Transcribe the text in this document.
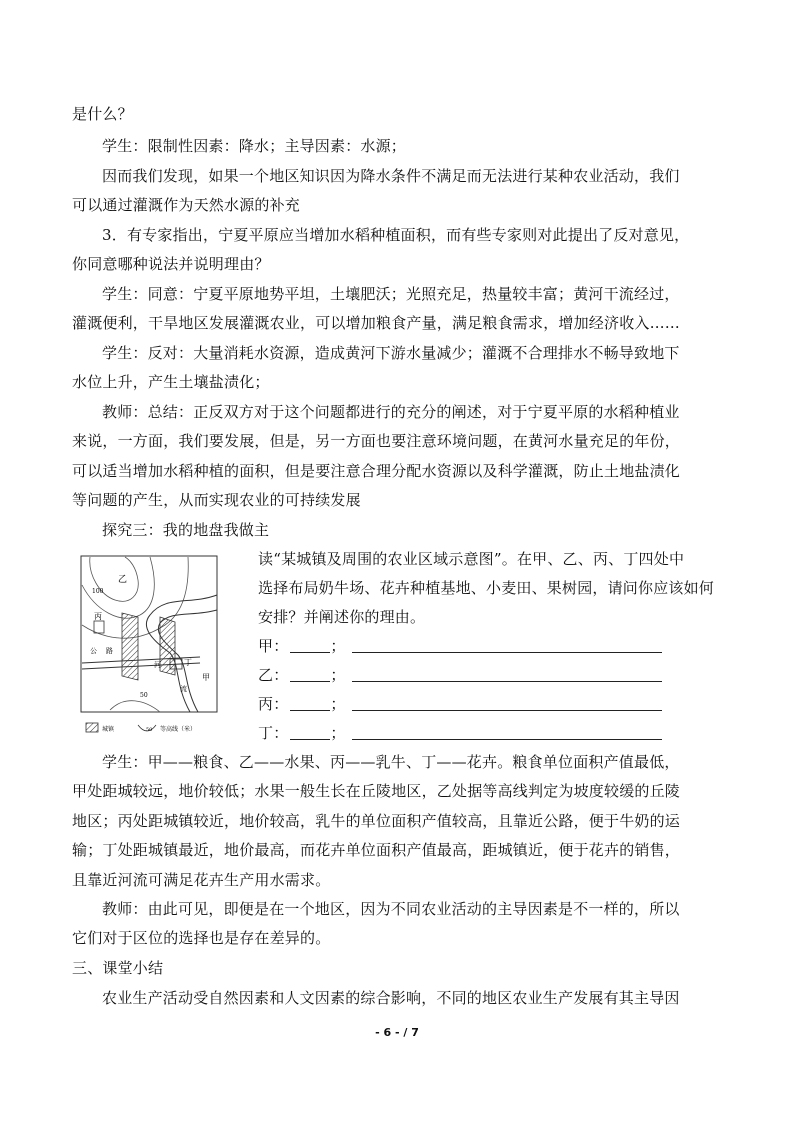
是什么？
学生：限制性因素：降水；主导因素：水源；
因而我们发现，如果一个地区知识因为降水条件不满足而无法进行某种农业活动，我们
可以通过灌溉作为天然水源的补充
3．有专家指出，宁夏平原应当增加水稻种植面积，而有些专家则对此提出了反对意见，
你同意哪种说法并说明理由？
学生：同意：宁夏平原地势平坦，土壤肥沃；光照充足，热量较丰富；黄河干流经过，
灌溉便利，干旱地区发展灌溉农业，可以增加粮食产量，满足粮食需求，增加经济收入……
学生：反对：大量消耗水资源，造成黄河下游水量减少；灌溉不合理排水不畅导致地下
水位上升，产生土壤盐渍化；
教师：总结：正反双方对于这个问题都进行的充分的阐述，对于宁夏平原的水稻种植业
来说，一方面，我们要发展，但是，另一方面也要注意环境问题，在黄河水量充足的年份，
可以适当增加水稻种植的面积，但是要注意合理分配水资源以及科学灌溉，防止土地盐渍化
等问题的产生，从而实现农业的可持续发展
探究三：我的地盘我做主
乙
100
丙
公 路
河
流
丁
甲
50
城镇	50 等高线（米）
读“某城镇及周围的农业区域示意图”。在甲、乙、丙、丁四处中
选择布局奶牛场、花卉种植基地、小麦田、果树园，请问你应该如何
安排？并阐述你的理由。
甲：	；
乙：	；
丙：	；
丁：	；
学生：甲——粮食、乙——水果、丙——乳牛、丁——花卉。粮食单位面积产值最低，
甲处距城较远，地价较低；水果一般生长在丘陵地区，乙处据等高线判定为坡度较缓的丘陵
地区；丙处距城镇较近，地价较高，乳牛的单位面积产值较高，且靠近公路，便于牛奶的运
输；丁处距城镇最近，地价最高，而花卉单位面积产值最高，距城镇近，便于花卉的销售，
且靠近河流可满足花卉生产用水需求。
教师：由此可见，即便是在一个地区，因为不同农业活动的主导因素是不一样的，所以
它们对于区位的选择也是存在差异的。
三、课堂小结
农业生产活动受自然因素和人文因素的综合影响，不同的地区农业生产发展有其主导因
- 6 - / 7
